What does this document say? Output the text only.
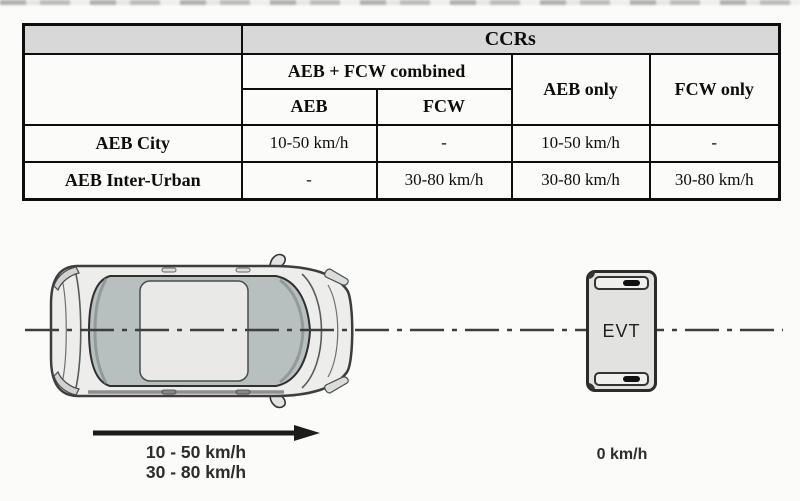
	CCRs			
	AEB + FCW combined		AEB only	FCW only
	AEB	FCW		
AEB City	10-50 km/h	-	10-50 km/h	-
AEB Inter-Urban	-	30-80 km/h	30-80 km/h	30-80 km/h
EVT
10 - 50 km/h
30 - 80 km/h
0 km/h
